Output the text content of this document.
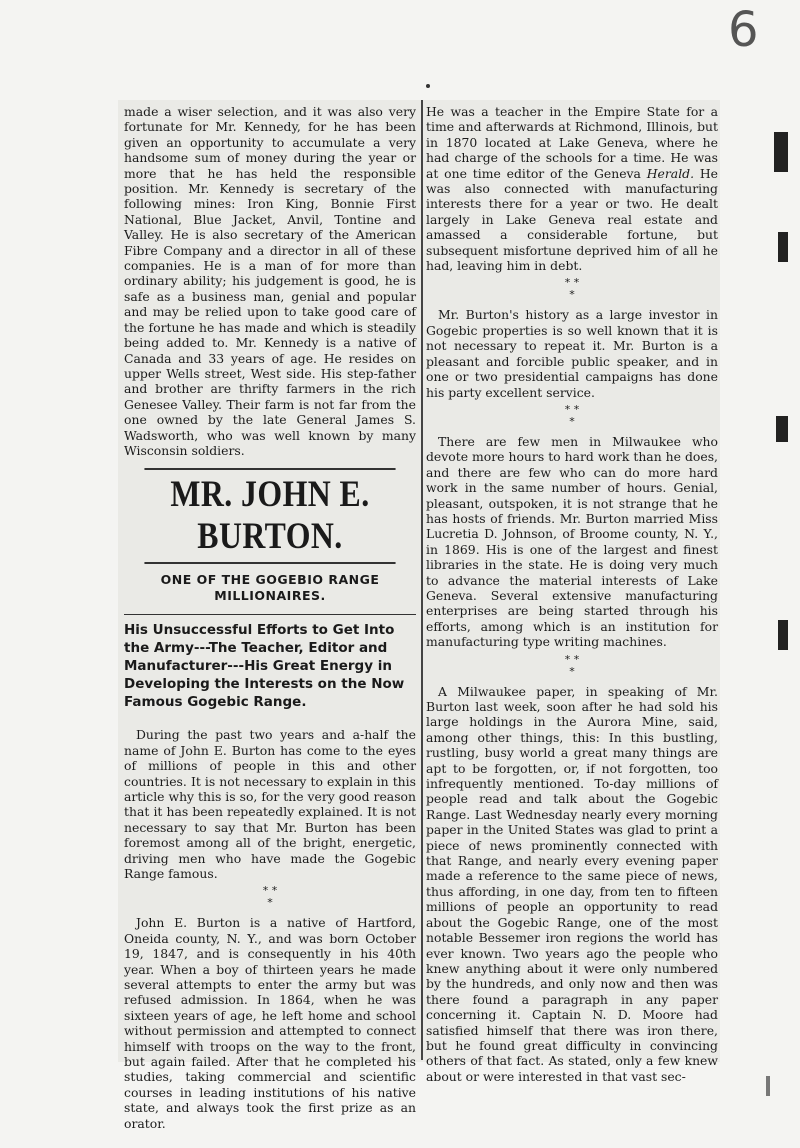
6

made a wiser selection, and it was also very fortunate for Mr. Kennedy, for he has been given an opportunity to accumulate a very handsome sum of money during the year or more that he has held the responsible position. Mr. Kennedy is secretary of the following mines: Iron King, Bonnie First National, Blue Jacket, Anvil, Tontine and Valley. He is also secretary of the American Fibre Company and a director in all of these companies. He is a man of for more than ordinary ability; his judgement is good, he is safe as a business man, genial and popular and may be relied upon to take good care of the fortune he has made and which is steadily being added to. Mr. Kennedy is a native of Canada and 33 years of age. He resides on upper Wells street, West side. His step-father and brother are thrifty farmers in the rich Genesee Valley. Their farm is not far from the one owned by the late General James S. Wadsworth, who was well known by many Wisconsin soldiers.

MR. JOHN E. BURTON.
ONE OF THE GOGEBIO RANGE MILLIONAIRES.
His Unsuccessful Efforts to Get Into the Army---The Teacher, Editor and Manufacturer---His Great Energy in Developing the Interests on the Now Famous Gogebic Range.

During the past two years and a-half the name of John E. Burton has come to the eyes of millions of people in this and other countries. It is not necessary to explain in this article why this is so, for the very good reason that it has been repeatedly explained. It is not necessary to say that Mr. Burton has been foremost among all of the bright, energetic, driving men who have made the Gogebic Range famous.

* *
*

John E. Burton is a native of Hartford, Oneida county, N. Y., and was born October 19, 1847, and is consequently in his 40th year. When a boy of thirteen years he made several attempts to enter the army but was refused admission. In 1864, when he was sixteen years of age, he left home and school without permission and attempted to connect himself with troops on the way to the front, but again failed. After that he completed his studies, taking commercial and scientific courses in leading institutions of his native state, and always took the first prize as an orator.

He was a teacher in the Empire State for a time and afterwards at Richmond, Illinois, but in 1870 located at Lake Geneva, where he had charge of the schools for a time. He was at one time editor of the Geneva Herald. He was also connected with manufacturing interests there for a year or two. He dealt largely in Lake Geneva real estate and amassed a considerable fortune, but subsequent misfortune deprived him of all he had, leaving him in debt.

* *
*

Mr. Burton's history as a large investor in Gogebic properties is so well known that it is not necessary to repeat it. Mr. Burton is a pleasant and forcible public speaker, and in one or two presidential campaigns has done his party excellent service.

* *
*

There are few men in Milwaukee who devote more hours to hard work than he does, and there are few who can do more hard work in the same number of hours. Genial, pleasant, outspoken, it is not strange that he has hosts of friends. Mr. Burton married Miss Lucretia D. Johnson, of Broome county, N. Y., in 1869. His is one of the largest and finest libraries in the state. He is doing very much to advance the material interests of Lake Geneva. Several extensive manufacturing enterprises are being started through his efforts, among which is an institution for manufacturing type writing machines.

* *
*

A Milwaukee paper, in speaking of Mr. Burton last week, soon after he had sold his large holdings in the Aurora Mine, said, among other things, this: In this bustling, rustling, busy world a great many things are apt to be forgotten, or, if not forgotten, too infrequently mentioned. To-day millions of people read and talk about the Gogebic Range. Last Wednesday nearly every morning paper in the United States was glad to print a piece of news prominently connected with that Range, and nearly every evening paper made a reference to the same piece of news, thus affording, in one day, from ten to fifteen millions of people an opportunity to read about the Gogebic Range, one of the most notable Bessemer iron regions the world has ever known. Two years ago the people who knew anything about it were only numbered by the hundreds, and only now and then was there found a paragraph in any paper concerning it. Captain N. D. Moore had satisfied himself that there was iron there, but he found great difficulty in convincing others of that fact. As stated, only a few knew about or were interested in that vast sec-
